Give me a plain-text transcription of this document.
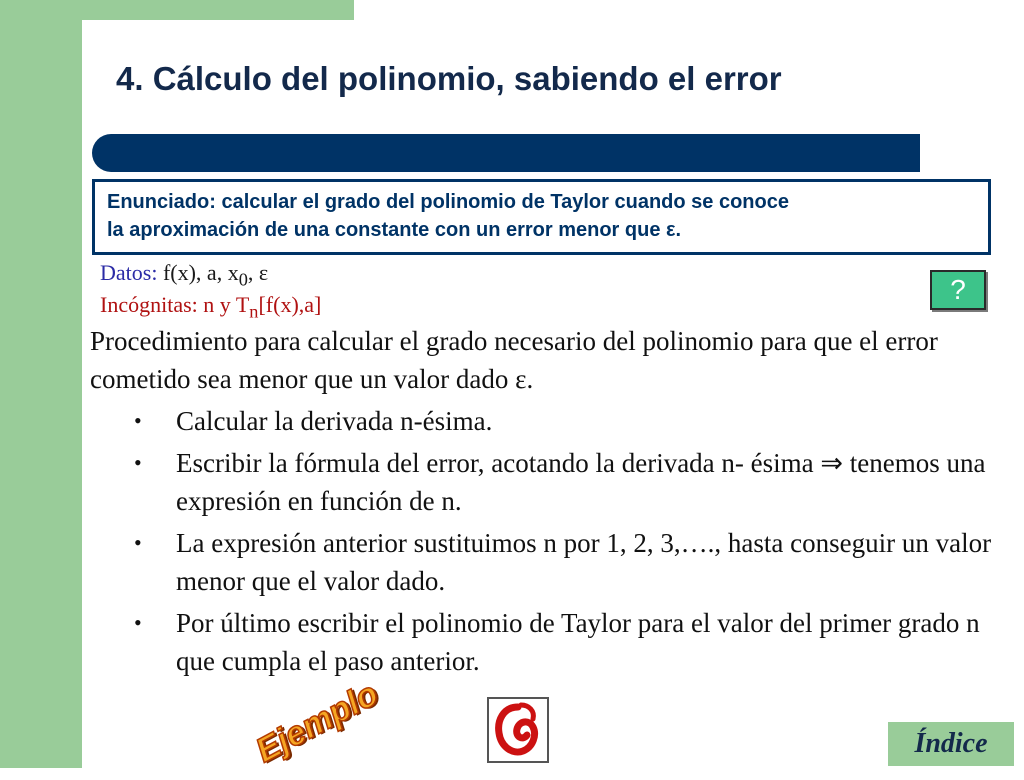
4. Cálculo del polinomio, sabiendo el error
Enunciado: calcular el grado del polinomio de Taylor cuando se conoce
la aproximación de una constante con un error menor que ε.
Datos: f(x), a, $x_0$, ε
Incógnitas: n y $T_n[f(x),a]$	?
Procedimiento para calcular el grado necesario del polinomio para que el error cometido sea menor que un valor dado ε.
• Calcular la derivada n-ésima.
• Escribir la fórmula del error, acotando la derivada n- ésima ⇒ tenemos una expresión en función de n.
• La expresión anterior sustituimos n por 1, 2, 3,…., hasta conseguir un valor menor que el valor dado.
• Por último escribir el polinomio de Taylor para el valor del primer grado n que cumpla el paso anterior.
Ejemplo	Índice
